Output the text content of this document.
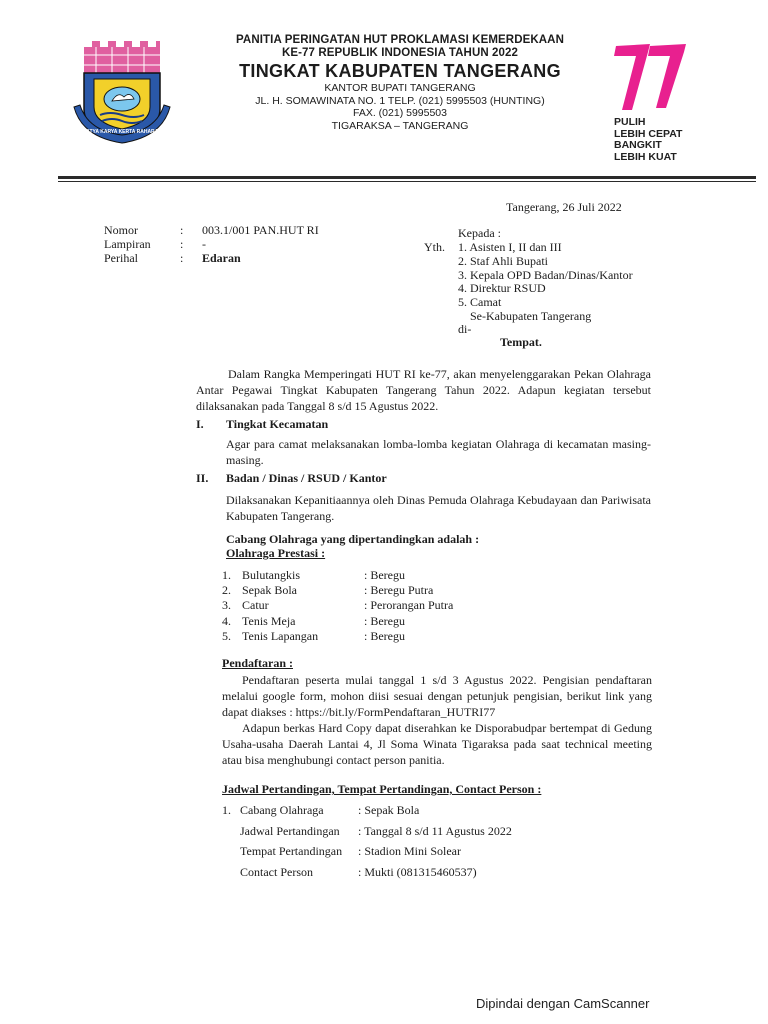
SATYA KARYA KERTA RAHARJA
PANITIA PERINGATAN HUT PROKLAMASI KEMERDEKAAN
KE-77 REPUBLIK INDONESIA TAHUN 2022
TINGKAT KABUPATEN TANGERANG
KANTOR BUPATI TANGERANG
JL. H. SOMAWINATA NO. 1 TELP. (021) 5995503 (HUNTING)
FAX. (021) 5995503
TIGARAKSA – TANGERANG	PULIH
LEBIH CEPAT
BANGKIT
LEBIH KUAT
Tangerang, 26 Juli 2022
Nomor	: 003.1/001 PAN.HUT RI
Lampiran : -
Perihal	: Edaran
Kepada :
Yth. 1. Asisten I, II dan III
2. Staf Ahli Bupati
3. Kepala OPD Badan/Dinas/Kantor
4. Direktur RSUD
5. Camat
Se-Kabupaten Tangerang
di-
Tempat.
Dalam Rangka Memperingati HUT RI ke-77, akan menyelenggarakan Pekan Olahraga Antar Pegawai Tingkat Kabupaten Tangerang Tahun 2022. Adapun kegiatan tersebut dilaksanakan pada Tanggal 8 s/d 15 Agustus 2022.
I. Tingkat Kecamatan
Agar para camat melaksanakan lomba-lomba kegiatan Olahraga di kecamatan masing-masing.
II. Badan / Dinas / RSUD / Kantor
Dilaksanakan Kepanitiaannya oleh Dinas Pemuda Olahraga Kebudayaan dan Pariwisata Kabupaten Tangerang.
Cabang Olahraga yang dipertandingkan adalah :
Olahraga Prestasi :
1. Bulutangkis	: Beregu
2. Sepak Bola	: Beregu Putra
3. Catur	: Perorangan Putra
4. Tenis Meja	: Beregu
5. Tenis Lapangan	: Beregu
Pendaftaran :
Pendaftaran peserta mulai tanggal 1 s/d 3 Agustus 2022. Pengisian pendaftaran melalui google form, mohon diisi sesuai dengan petunjuk pengisian, berikut link yang dapat diakses : https://bit.ly/FormPendaftaran_HUTRI77
Adapun berkas Hard Copy dapat diserahkan ke Disporabudpar bertempat di Gedung Usaha-usaha Daerah Lantai 4, Jl Soma Winata Tigaraksa pada saat technical meeting atau bisa menghubungi contact person panitia.
Jadwal Pertandingan, Tempat Pertandingan, Contact Person :
1. Cabang Olahraga	: Sepak Bola
Jadwal Pertandingan : Tanggal 8 s/d 11 Agustus 2022
Tempat Pertandingan : Stadion Mini Solear
Contact Person	: Mukti (081315460537)
Dipindai dengan CamScanner
